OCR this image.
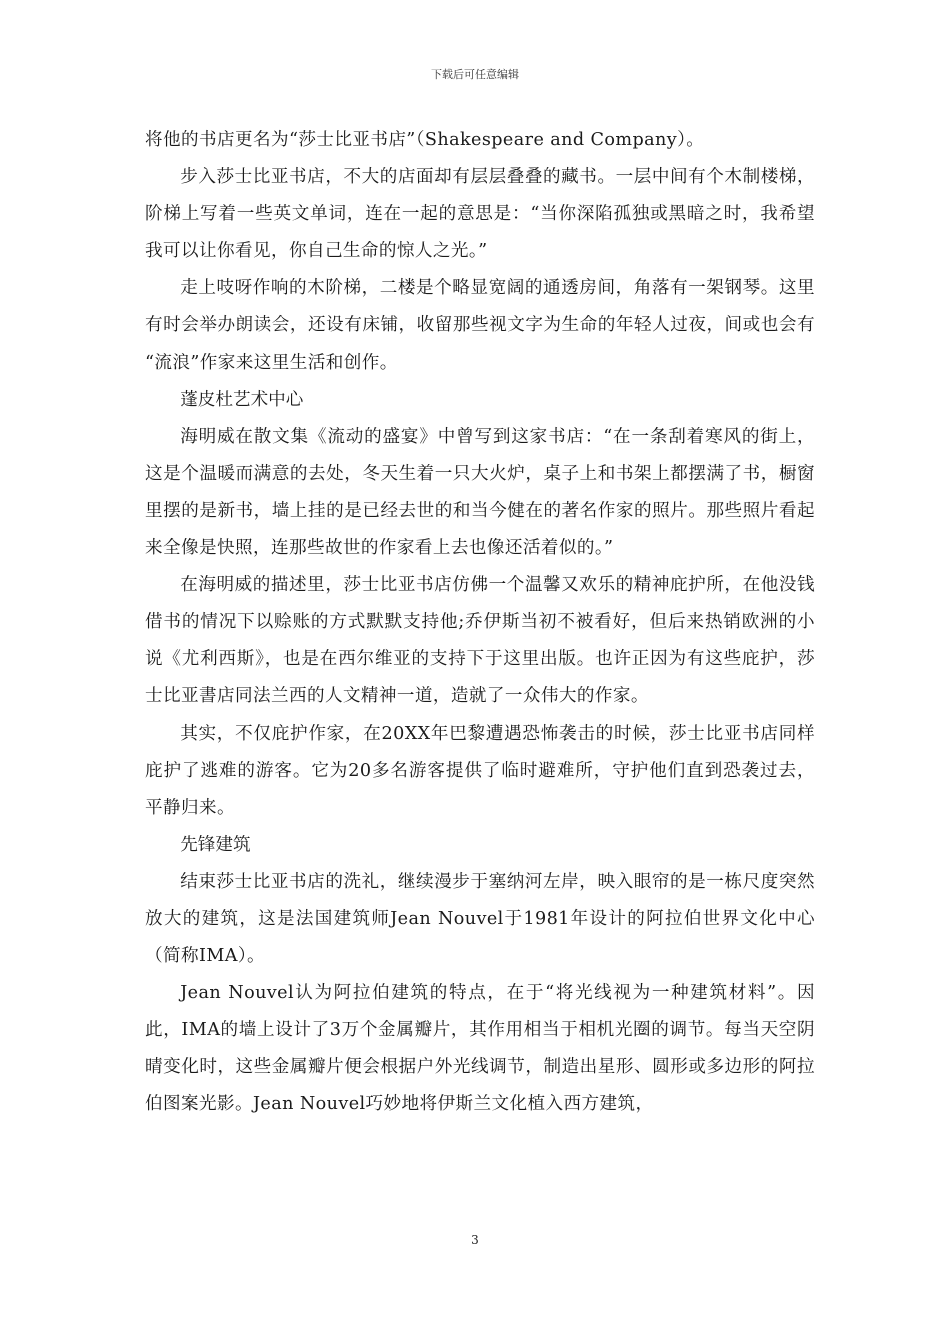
下载后可任意编辑

将他的书店更名为“莎士比亚书店”（Shakespeare and Company）。

步入莎士比亚书店，不大的店面却有层层叠叠的藏书。一层中间有个木制楼梯，阶梯上写着一些英文单词，连在一起的意思是：“当你深陷孤独或黑暗之时，我希望我可以让你看见，你自己生命的惊人之光。”

走上吱呀作响的木阶梯，二楼是个略显宽阔的通透房间，角落有一架钢琴。这里有时会举办朗读会，还设有床铺，收留那些视文字为生命的年轻人过夜，间或也会有 “流浪”作家来这里生活和创作。

蓬皮杜艺术中心

海明威在散文集《流动的盛宴》中曾写到这家书店：“在一条刮着寒风的街上，这是个温暖而满意的去处，冬天生着一只大火炉，桌子上和书架上都摆满了书，橱窗里摆的是新书，墙上挂的是已经去世的和当今健在的著名作家的照片。那些照片看起来全像是快照，连那些故世的作家看上去也像还活着似的。”

在海明威的描述里，莎士比亚书店仿佛一个温馨又欢乐的精神庇护所，在他没钱借书的情况下以赊账的方式默默支持他;乔伊斯当初不被看好，但后来热销欧洲的小说《尤利西斯》，也是在西尔维亚的支持下于这里出版。也许正因为有这些庇护，莎士比亚書店同法兰西的人文精神一道，造就了一众伟大的作家。

其实，不仅庇护作家，在20XX年巴黎遭遇恐怖袭击的时候，莎士比亚书店同样庇护了逃难的游客。它为20多名游客提供了临时避难所，守护他们直到恐袭过去，平静归来。

先锋建筑

结束莎士比亚书店的洗礼，继续漫步于塞纳河左岸，映入眼帘的是一栋尺度突然放大的建筑，这是法国建筑师Jean Nouvel于1981年设计的阿拉伯世界文化中心（简称IMA）。

Jean Nouvel认为阿拉伯建筑的特点，在于“将光线视为一种建筑材料”。因此，IMA的墙上设计了3万个金属瓣片，其作用相当于相机光圈的调节。每当天空阴晴变化时，这些金属瓣片便会根据户外光线调节，制造出星形、圆形或多边形的阿拉伯图案光影。Jean Nouvel巧妙地将伊斯兰文化植入西方建筑，

3
